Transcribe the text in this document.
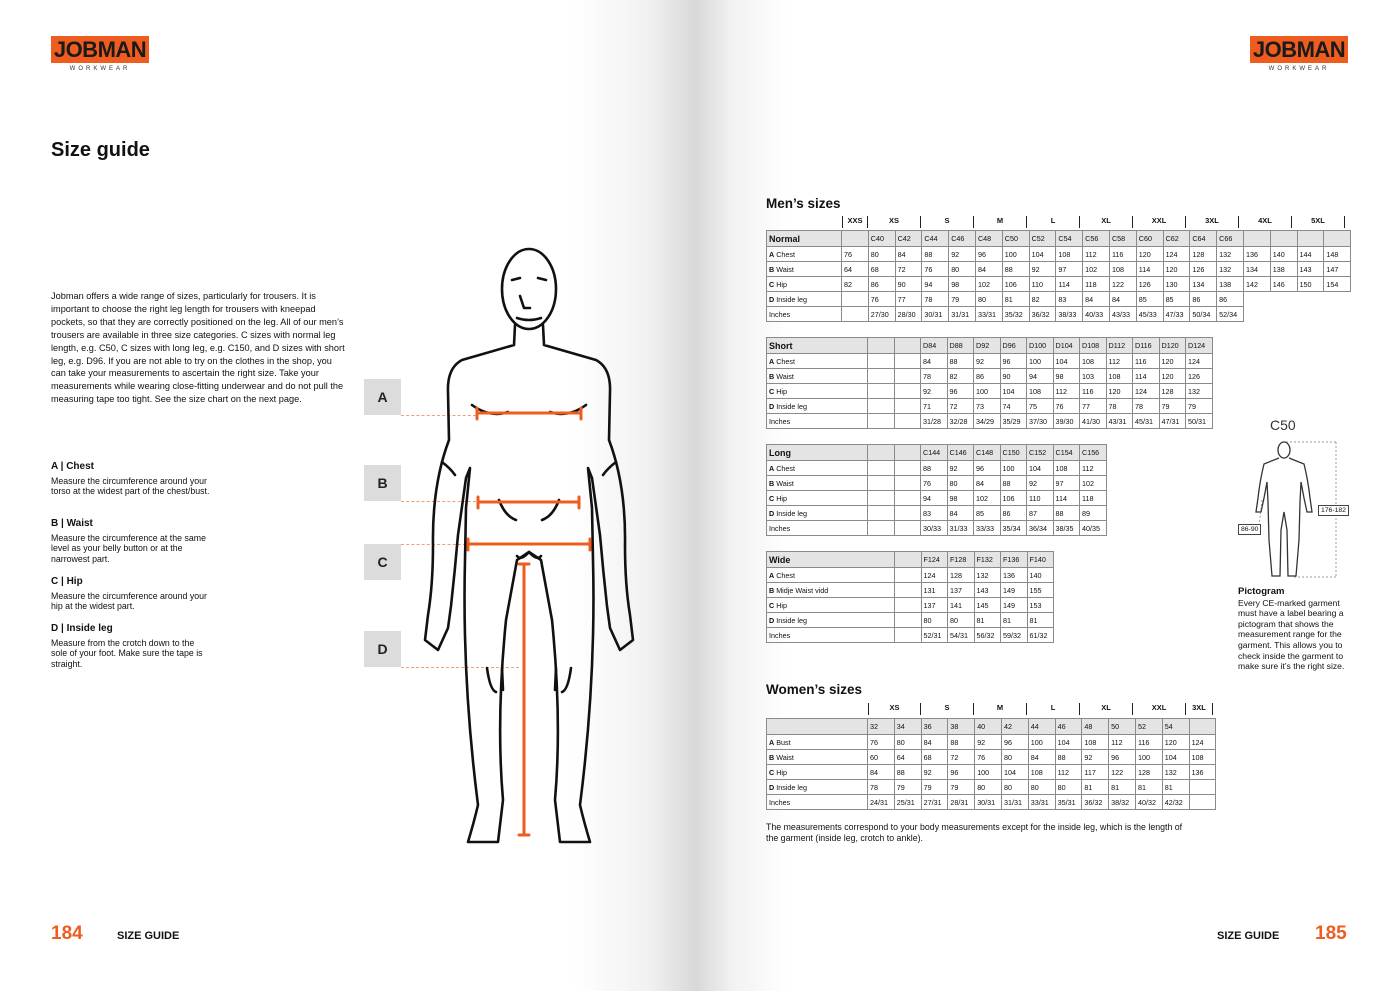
JOBMAN
WORKWEAR
Size guide

Jobman offers a wide range of sizes, particularly for trousers. It is important to choose the right leg length for trousers with kneepad pockets, so that they are correctly positioned on the leg. All of our men’s trousers are available in three size categories. C sizes with normal leg length, e.g. C50, C sizes with long leg, e.g. C150, and D sizes with short leg, e.g. D96. If you are not able to try on the clothes in the shop, you can take your measurements to ascertain the right size. Take your measurements while wearing close-fitting underwear and do not pull the measuring tape too tight. See the size chart on the next page.

A | Chest

Measure the circumference around your torso at the widest part of the chest/bust.

B | Waist

Measure the circumference at the same level as your belly button or at the narrowest part.

C | Hip

Measure the circumference around your hip at the widest part.

D | Inside leg

Measure from the crotch down to the sole of your foot. Make sure the tape is straight.

A
B
C
D
184	SIZE GUIDE
JOBMAN
WORKWEAR
185
SIZE GUIDE
Men’s sizes
XXS	XS	S	M	L	XL	XXL	3XL	4XL	5XL
Normal		C40	C42	C44	C46	C48	C50	C52	C54	C56	C58	C60	C62	C64	C66				
A Chest	76	80	84	88	92	96	100	104	108	112	116	120	124	128	132	136	140	144	148
B Waist	64	68	72	76	80	84	88	92	97	102	108	114	120	126	132	134	138	143	147
C Hip	82	86	90	94	98	102	106	110	114	118	122	126	130	134	138	142	146	150	154
D Inside leg		76	77	78	79	80	81	82	83	84	84	85	85	86	86				
Inches		27/30	28/30	30/31	31/31	33/31	35/32	36/32	38/33	40/33	43/33	45/33	47/33	50/34	52/34				
Short			D84	D88	D92	D96	D100	D104	D108	D112	D116	D120	D124
A Chest			84	88	92	96	100	104	108	112	116	120	124
B Waist			78	82	86	90	94	98	103	108	114	120	126
C Hip			92	96	100	104	108	112	116	120	124	128	132
D Inside leg			71	72	73	74	75	76	77	78	78	79	79
Inches			31/28	32/28	34/29	35/29	37/30	39/30	41/30	43/31	45/31	47/31	50/31
Long			C144	C146	C148	C150	C152	C154	C156
A Chest			88	92	96	100	104	108	112
B Waist			76	80	84	88	92	97	102
C Hip			94	98	102	106	110	114	118
D Inside leg			83	84	85	86	87	88	89
Inches			30/33	31/33	33/33	35/34	36/34	38/35	40/35
Wide		F124	F128	F132	F136	F140
A Chest		124	128	132	136	140
B Midje Waist vidd		131	137	143	149	155
C Hip		137	141	145	149	153
D Inside leg		80	80	81	81	81
Inches		52/31	54/31	56/32	59/32	61/32
Women’s sizes
XS	S	M	L	XL	XXL	3XL
	32	34	36	38	40	42	44	46	48	50	52	54	
A Bust	76	80	84	88	92	96	100	104	108	112	116	120	124
B Waist	60	64	68	72	76	80	84	88	92	96	100	104	108
C Hip	84	88	92	96	100	104	108	112	117	122	128	132	136
D Inside leg	78	79	79	79	80	80	80	80	81	81	81	81	
Inches	24/31	25/31	27/31	28/31	30/31	31/31	33/31	35/31	36/32	38/32	40/32	42/32	

The measurements correspond to your body measurements except for the inside leg, which is the length of the garment (inside leg, crotch to ankle).

C50
176-182
86-90
Pictogram

Every CE-marked garment must have a label bearing a pictogram that shows the measurement range for the garment. This allows you to check inside the garment to make sure it’s the right size.
